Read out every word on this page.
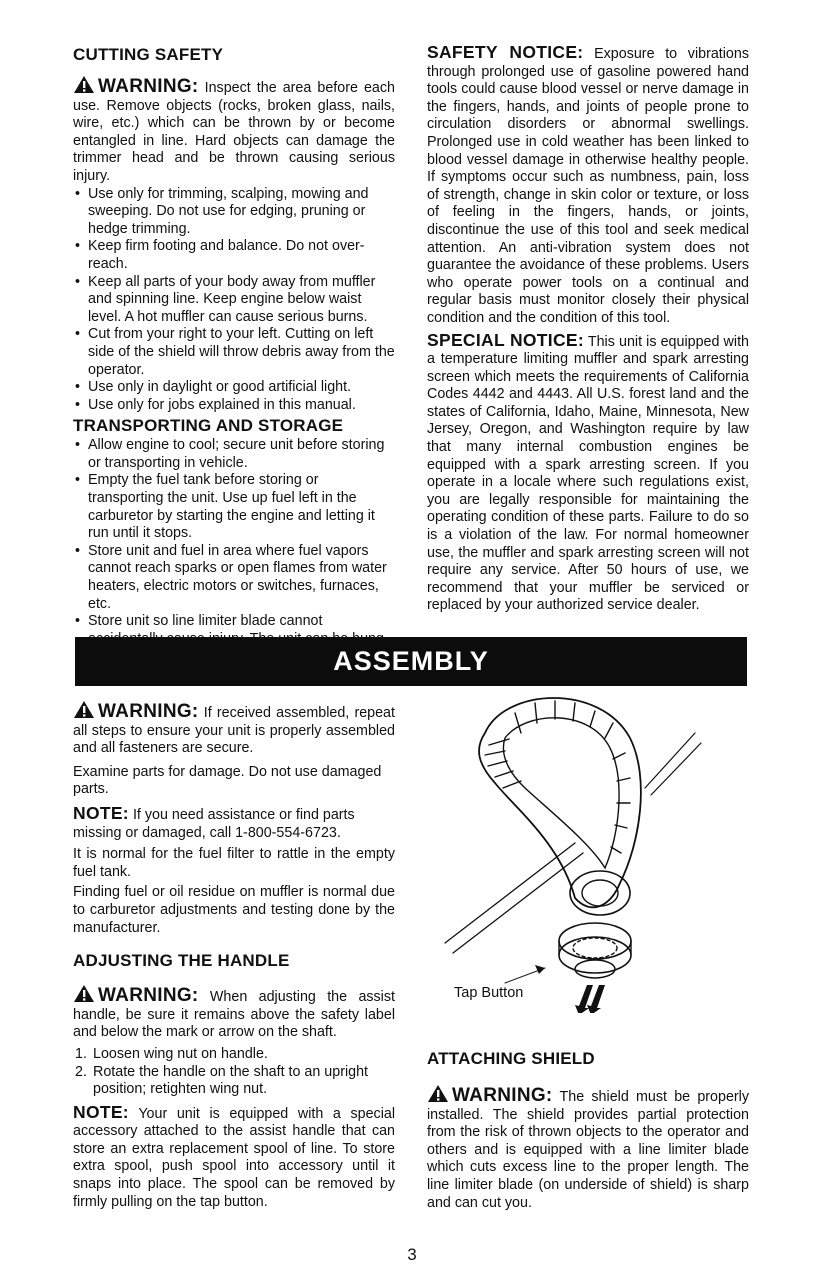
CUTTING SAFETY

WARNING: Inspect the area before each use. Remove objects (rocks, broken glass, nails, wire, etc.) which can be thrown by or become entangled in line. Hard objects can damage the trimmer head and be thrown causing serious injury.

• Use only for trimming, scalping, mowing and sweeping. Do not use for edging, pruning or hedge trimming.
• Keep firm footing and balance. Do not over-reach.
• Keep all parts of your body away from muffler and spinning line. Keep engine below waist level. A hot muffler can cause serious burns.
• Cut from your right to your left. Cutting on left side of the shield will throw debris away from the operator.
• Use only in daylight or good artificial light.
• Use only for jobs explained in this manual.
TRANSPORTING AND STORAGE
• Allow engine to cool; secure unit before storing or transporting in vehicle.
• Empty the fuel tank before storing or transporting the unit. Use up fuel left in the carburetor by starting the engine and letting it run until it stops.
• Store unit and fuel in area where fuel vapors cannot reach sparks or open flames from water heaters, electric motors or switches, furnaces, etc.
• Store unit so line limiter blade cannot
•

SAFETY NOTICE: Exposure to vibrations through prolonged use of gasoline powered hand tools could cause blood vessel or nerve damage in the fingers, hands, and joints of people prone to circulation disorders or abnormal swellings. Prolonged use in cold weather has been linked to blood vessel damage in otherwise healthy people. If symptoms occur such as numbness, pain, loss of strength, change in skin color or texture, or loss of feeling in the fingers, hands, or joints, discontinue the use of this tool and seek medical attention. An anti-vibration system does not guarantee the avoidance of these problems. Users who operate power tools on a continual and regular basis must monitor closely their physical condition and the condition of this tool.

SPECIAL NOTICE: This unit is equipped with a temperature limiting muffler and spark arresting screen which meets the requirements of California Codes 4442 and 4443. All U.S. forest land and the states of California, Idaho, Maine, Minnesota, New Jersey, Oregon, and Washington require by law that many internal combustion engines be equipped with a spark arresting screen. If you operate in a locale where such regulations exist, you are legally responsible for maintaining the operating condition of these parts. Failure to do so is a violation of the law. For normal homeowner use, the muffler and spark arresting screen will not require any service. After 50 hours of use, we recommend that your muffler be serviced or replaced by your authorized service dealer.

ASSEMBLY

WARNING: If received assembled, repeat all steps to ensure your unit is properly assembled and all fasteners are secure.

Examine parts for damage. Do not use damaged parts.

NOTE: If you need assistance or find parts missing or damaged, call 1-800-554-6723.

It is normal for the fuel filter to rattle in the empty fuel tank.

Finding fuel or oil residue on muffler is normal due to carburetor adjustments and testing done by the manufacturer.

ADJUSTING THE HANDLE

WARNING: When adjusting the assist handle, be sure it remains above the safety label and below the mark or arrow on the shaft.

1. Loosen wing nut on handle.
2. Rotate the handle on the shaft to an upright position; retighten wing nut.

NOTE: Your unit is equipped with a special accessory attached to the assist handle that can store an extra replacement spool of line. To store extra spool, push spool into accessory until it snaps into place. The spool can be removed by firmly pulling on the tap button.

Tap Button
ATTACHING SHIELD

WARNING: The shield must be properly installed. The shield provides partial protection from the risk of thrown objects to the operator and others and is equipped with a line limiter blade which cuts excess line to the proper length. The line limiter blade (on underside of shield) is sharp and can cut you.

3
